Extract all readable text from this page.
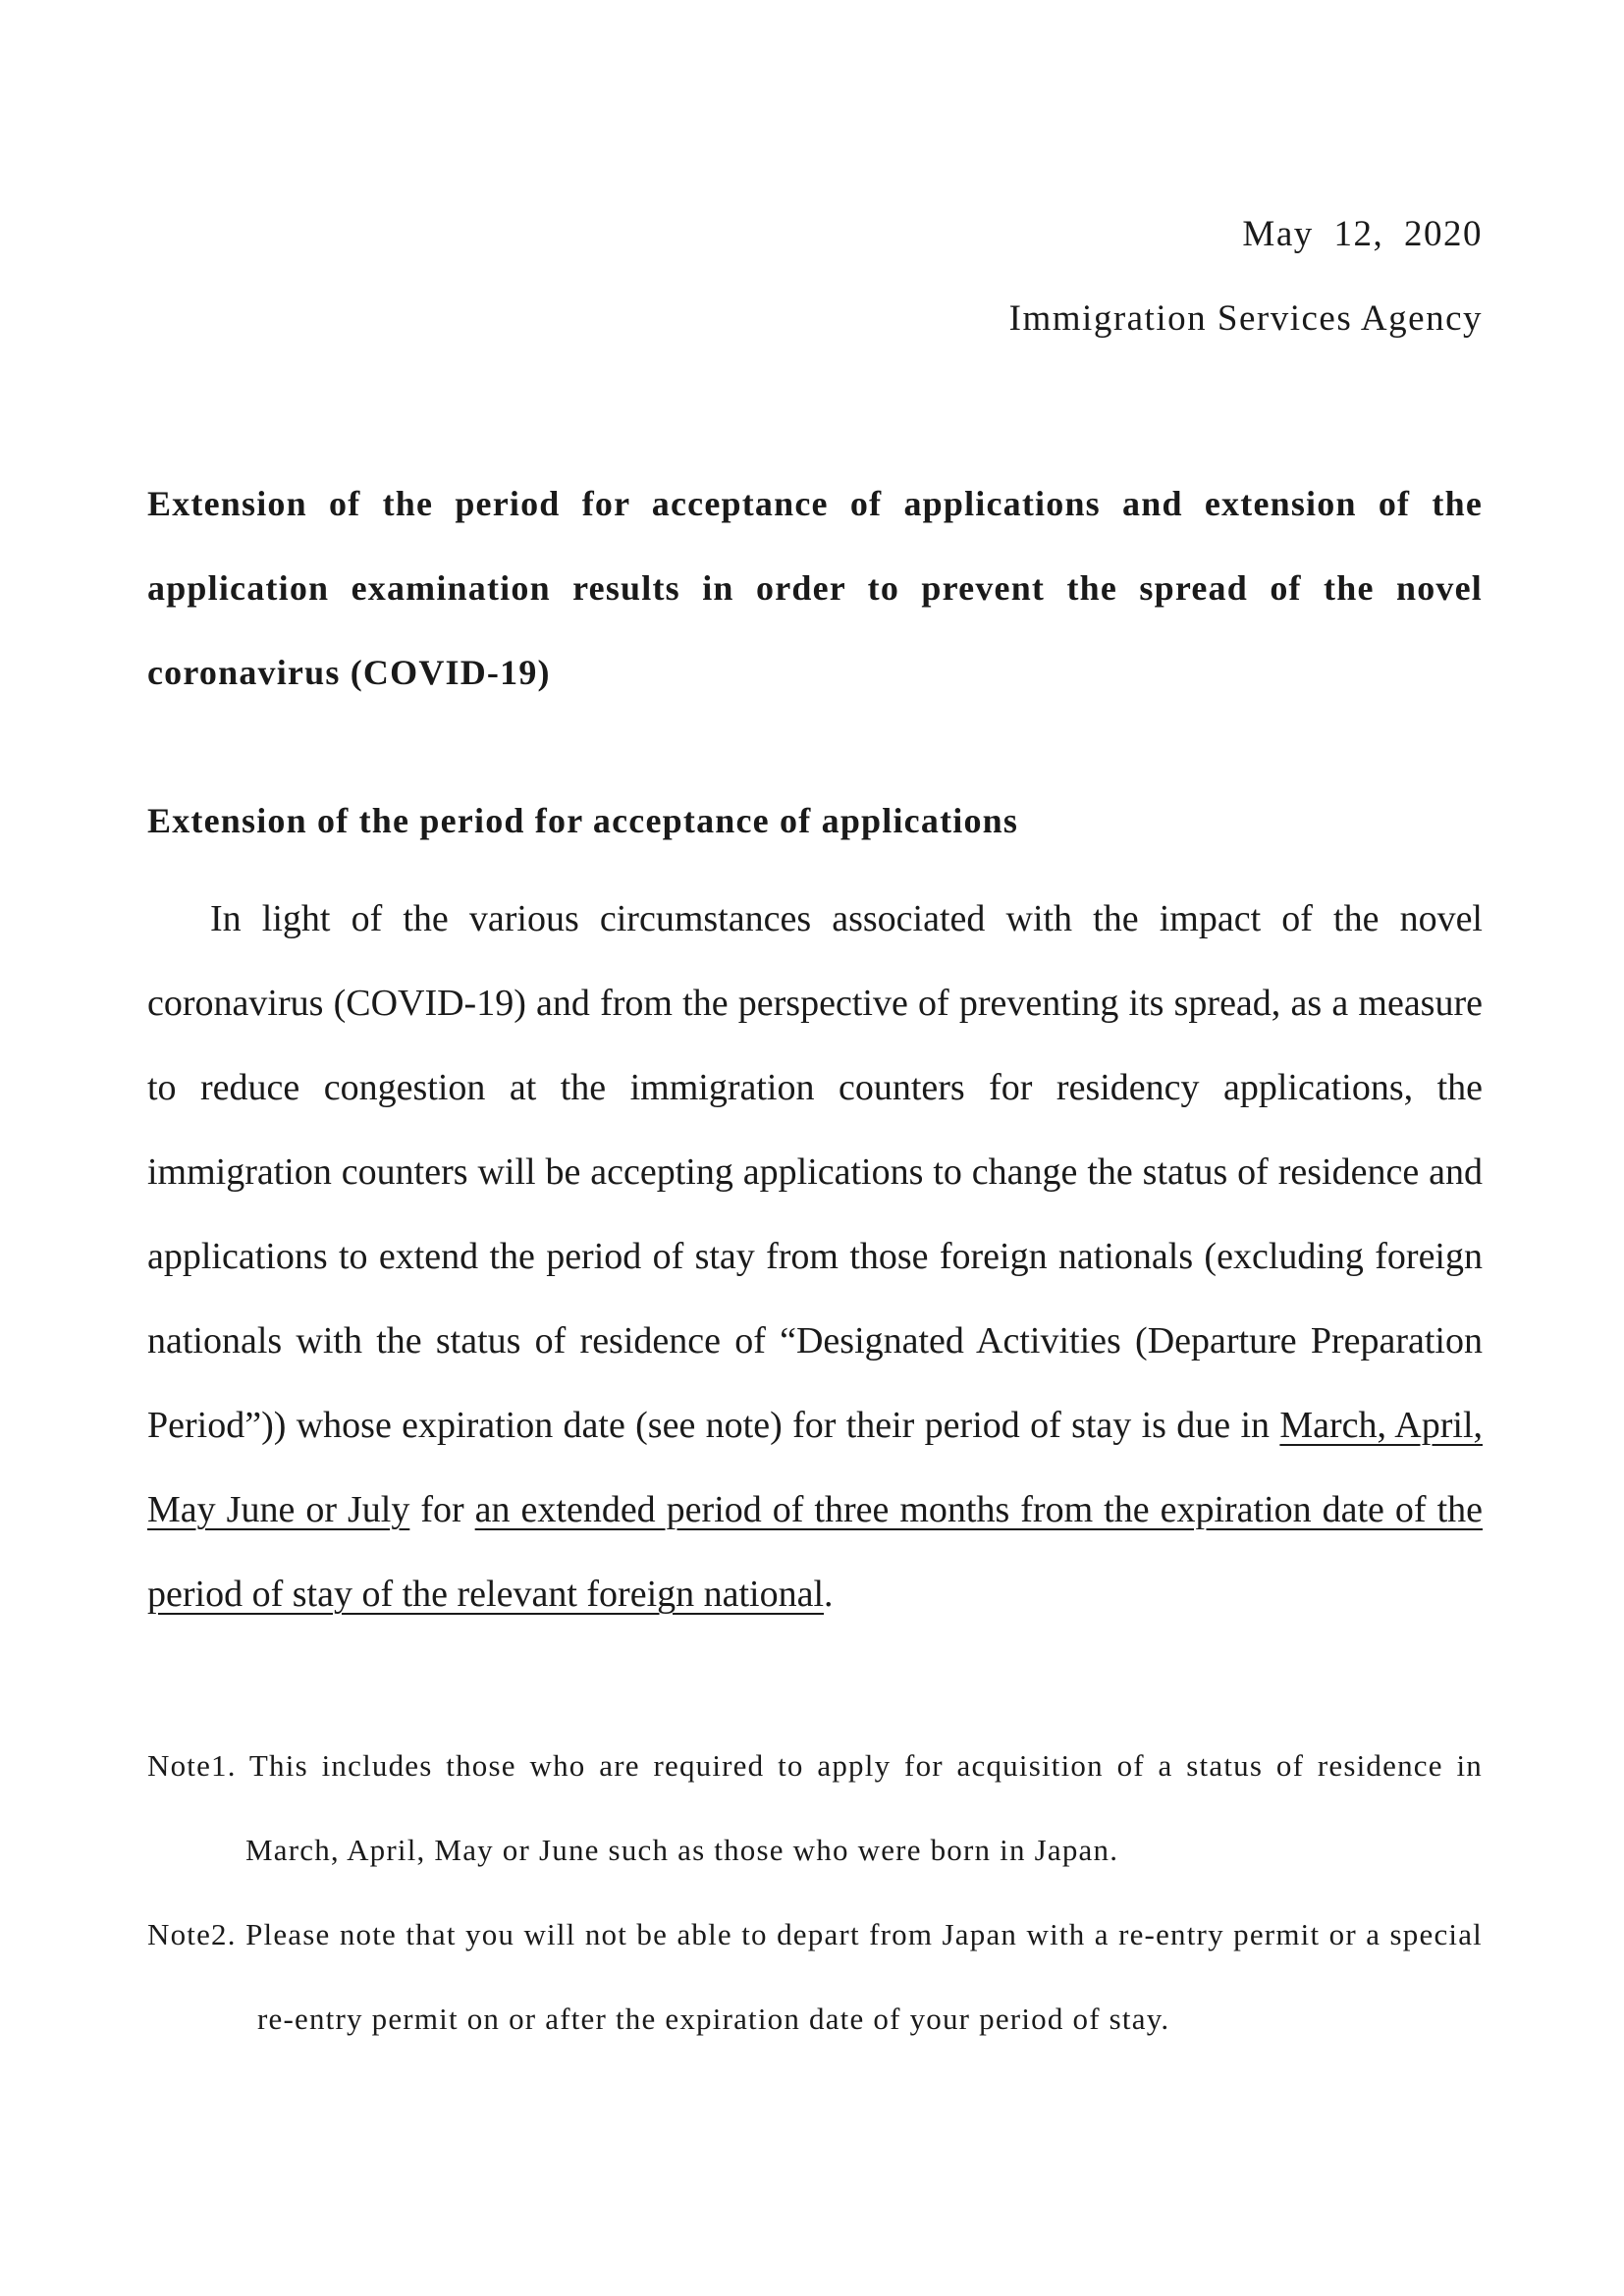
May 12, 2020
Immigration Services Agency
Extension of the period for acceptance of applications and extension of the application examination results in order to prevent the spread of the novel coronavirus (COVID-19)
Extension of the period for acceptance of applications

In light of the various circumstances associated with the impact of the novel coronavirus (COVID-19) and from the perspective of preventing its spread, as a measure to reduce congestion at the immigration counters for residency applications, the immigration counters will be accepting applications to change the status of residence and applications to extend the period of stay from those foreign nationals (excluding foreign nationals with the status of residence of “Designated Activities (Departure Preparation Period”)) whose expiration date (see note) for their period of stay is due in March, April, May June or July for an extended period of three months from the expiration date of the period of stay of the relevant foreign national.

Note1. This includes those who are required to apply for acquisition of a status of residence in March, April, May or June such as those who were born in Japan.

Note2. Please note that you will not be able to depart from Japan with a re-entry permit or a special re-entry permit on or after the expiration date of your period of stay.
